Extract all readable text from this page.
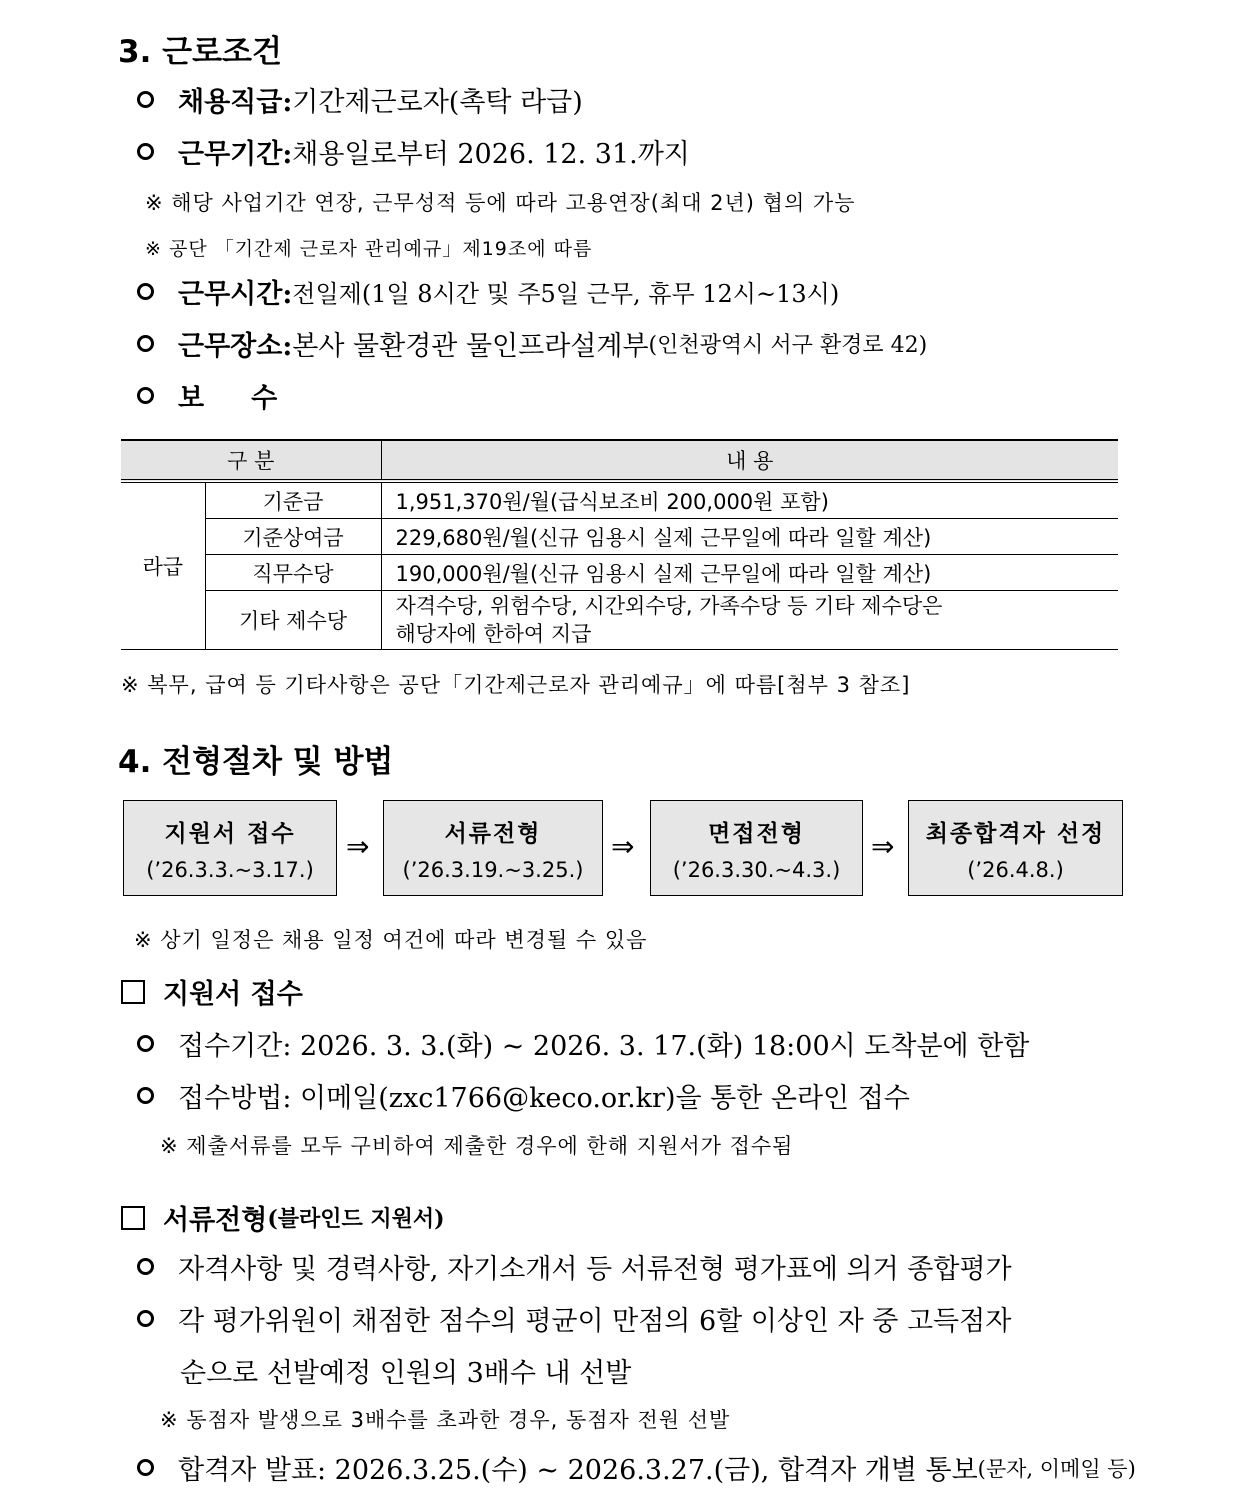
3. 근로조건
채용직급: 기간제근로자(촉탁 라급)
근무기간: 채용일로부터 2026. 12. 31.까지
※ 해당 사업기간 연장, 근무성적 등에 따라 고용연장(최대 2년) 협의 가능
※ 공단 「기간제 근로자 관리예규」제19조에 따름
근무시간: 전일제(1일 8시간 및 주5일 근무, 휴무 12시~13시)
근무장소: 본사 물환경관 물인프라설계부 (인천광역시 서구 환경로 42)
보     수
구 분		내 용
라급	기준금	1,951,370원/월(급식보조비 200,000원 포함)
	기준상여금	229,680원/월(신규 임용시 실제 근무일에 따라 일할 계산)
	직무수당	190,000원/월(신규 임용시 실제 근무일에 따라 일할 계산)
	기타 제수당	자격수당, 위험수당, 시간외수당, 가족수당 등 기타 제수당은
해당자에 한하여 지급
※ 복무, 급여 등 기타사항은 공단「기간제근로자 관리예규」에 따름[첨부 3 참조]
4. 전형절차 및 방법
지원서 접수
(’26.3.3.~3.17.)
⇒	서류전형
(’26.3.19.~3.25.)
⇒	면접전형
(’26.3.30.~4.3.)
⇒ 최종합격자 선정
(’26.4.8.)
※ 상기 일정은 채용 일정 여건에 따라 변경될 수 있음
지원서 접수
접수기간: 2026. 3. 3.(화) ~ 2026. 3. 17.(화) 18:00시 도착분에 한함
접수방법: 이메일(zxc1766@keco.or.kr)을 통한 온라인 접수
※ 제출서류를 모두 구비하여 제출한 경우에 한해 지원서가 접수됨
서류전형 (블라인드 지원서)
자격사항 및 경력사항, 자기소개서 등 서류전형 평가표에 의거 종합평가
각 평가위원이 채점한 점수의 평균이 만점의 6할 이상인 자 중 고득점자
순으로 선발예정 인원의 3배수 내 선발
※ 동점자 발생으로 3배수를 초과한 경우, 동점자 전원 선발
합격자 발표: 2026.3.25.(수) ~ 2026.3.27.(금), 합격자 개별 통보 (문자, 이메일 등)
